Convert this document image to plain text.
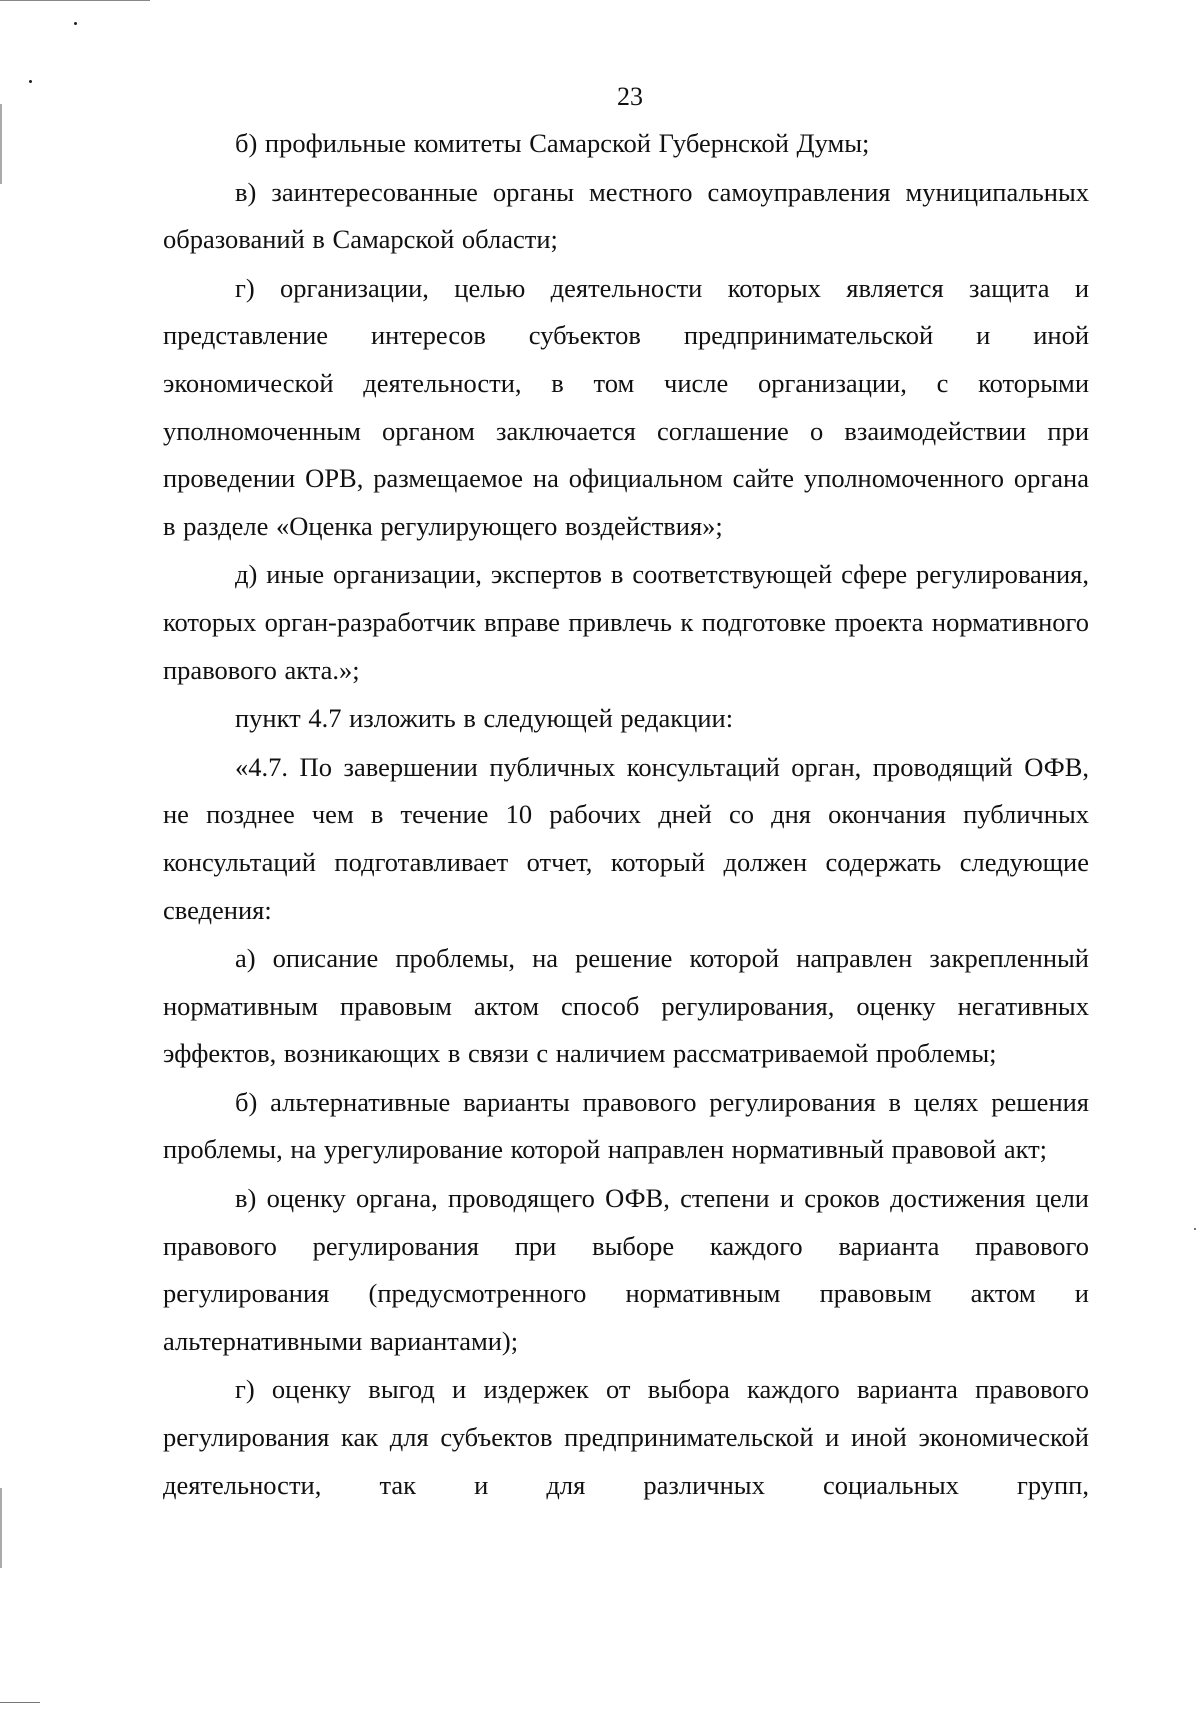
23

б) профильные комитеты Самарской Губернской Думы;

в) заинтересованные органы местного самоуправления муниципальных образований в Самарской области;

г) организации, целью деятельности которых является защита и представление интересов субъектов предпринимательской и иной экономической деятельности, в том числе организации, с которыми уполномоченным органом заключается соглашение о взаимодействии при проведении ОРВ, размещаемое на официальном сайте уполномоченного органа в разделе «Оценка регулирующего воздействия»;

д) иные организации, экспертов в соответствующей сфере регулирования, которых орган-разработчик вправе привлечь к подготовке проекта нормативного правового акта.»;

пункт 4.7 изложить в следующей редакции:

«4.7. По завершении публичных консультаций орган, проводящий ОФВ, не позднее чем в течение 10 рабочих дней со дня окончания публичных консультаций подготавливает отчет, который должен содержать следующие сведения:

а) описание проблемы, на решение которой направлен закрепленный нормативным правовым актом способ регулирования, оценку негативных эффектов, возникающих в связи с наличием рассматриваемой проблемы;

б) альтернативные варианты правового регулирования в целях решения проблемы, на урегулирование которой направлен нормативный правовой акт;

в) оценку органа, проводящего ОФВ, степени и сроков достижения цели правового регулирования при выборе каждого варианта правового регулирования (предусмотренного нормативным правовым актом и альтернативными вариантами);

г) оценку выгод и издержек от выбора каждого варианта правового регулирования как для субъектов предпринимательской и иной экономической деятельности, так и для различных социальных групп,
